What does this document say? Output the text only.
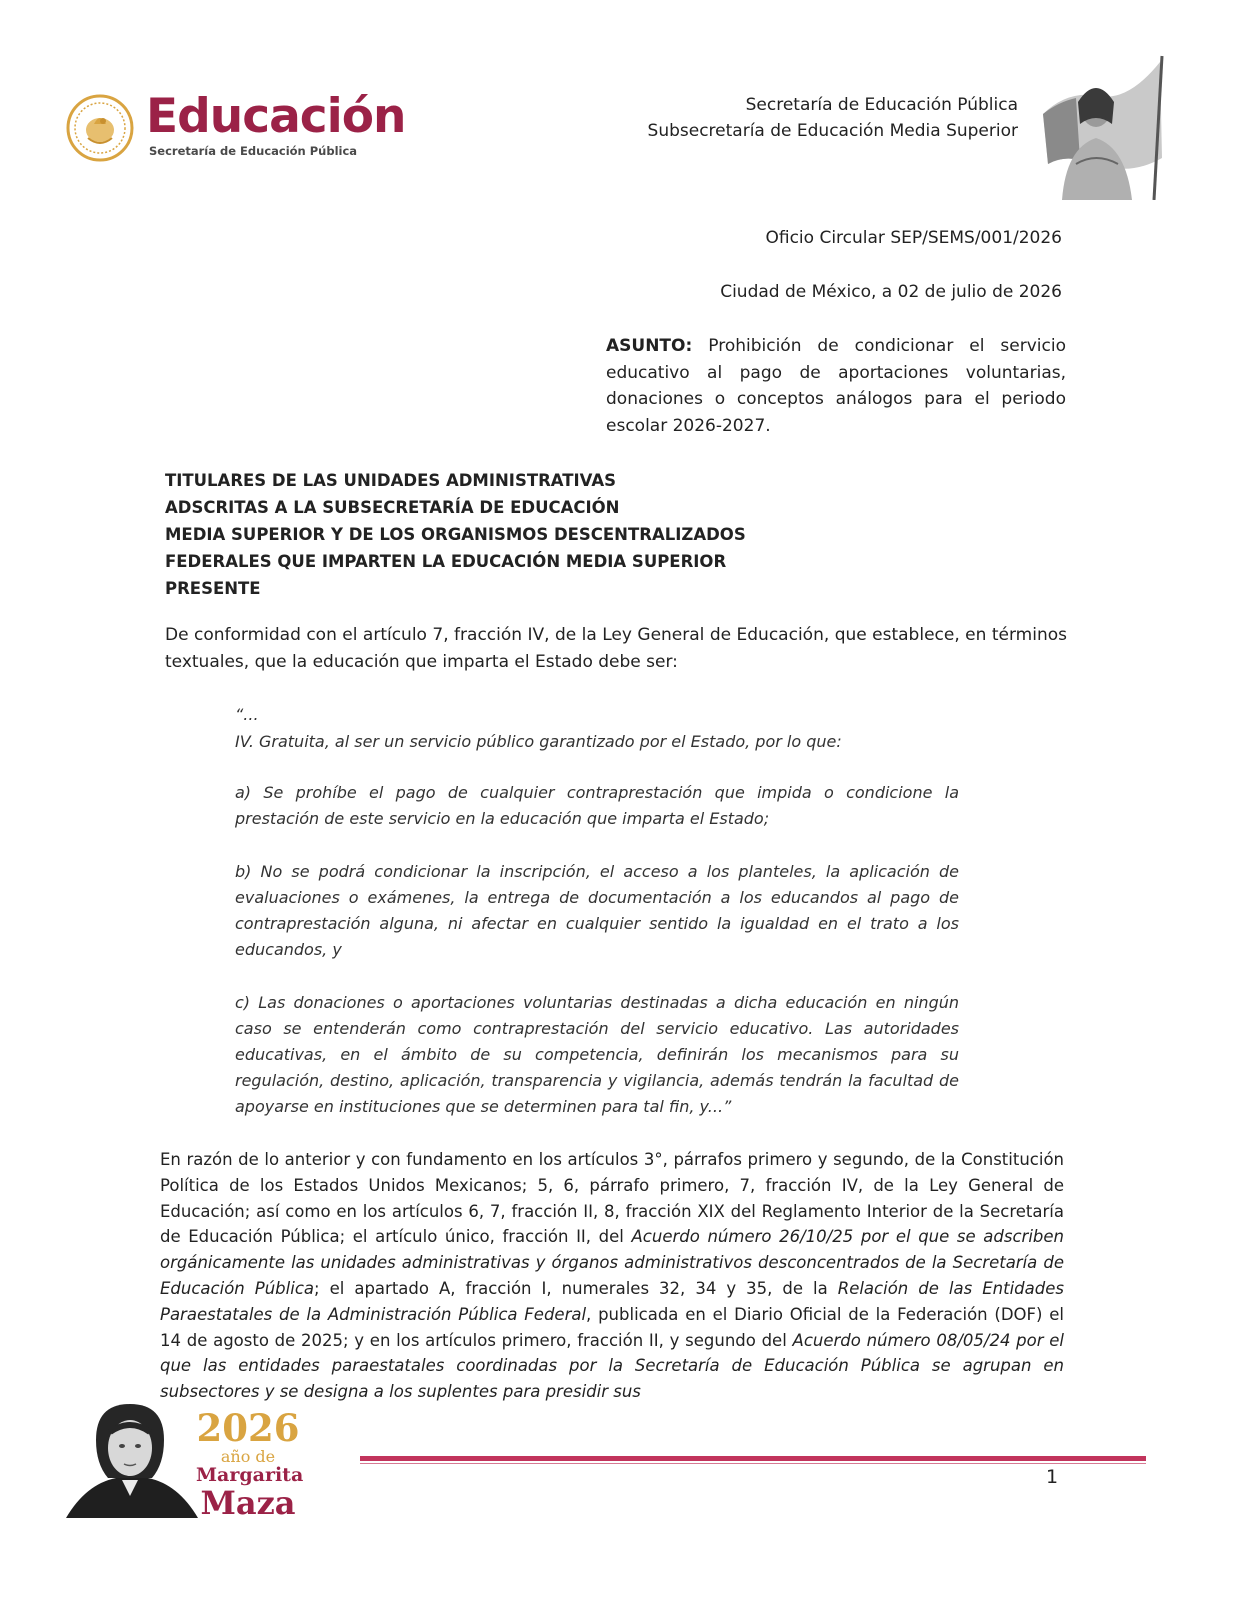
Educación
Secretaría de Educación Pública
Secretaría de Educación Pública
Subsecretaría de Educación Media Superior
Oficio Circular SEP/SEMS/001/2026
Ciudad de México, a 02 de julio de 2026
ASUNTO: Prohibición de condicionar el servicio educativo al pago de aportaciones voluntarias, donaciones o conceptos análogos para el periodo escolar 2026-2027.
TITULARES DE LAS UNIDADES ADMINISTRATIVAS
ADSCRITAS A LA SUBSECRETARÍA DE EDUCACIÓN
MEDIA SUPERIOR Y DE LOS ORGANISMOS DESCENTRALIZADOS
FEDERALES QUE IMPARTEN LA EDUCACIÓN MEDIA SUPERIOR
PRESENTE
De conformidad con el artículo 7, fracción IV, de la Ley General de Educación, que establece, en términos textuales, que la educación que imparta el Estado debe ser:
“...
IV. Gratuita, al ser un servicio público garantizado por el Estado, por lo que:
a) Se prohíbe el pago de cualquier contraprestación que impida o condicione la prestación de este servicio en la educación que imparta el Estado;
b) No se podrá condicionar la inscripción, el acceso a los planteles, la aplicación de evaluaciones o exámenes, la entrega de documentación a los educandos al pago de contraprestación alguna, ni afectar en cualquier sentido la igualdad en el trato a los educandos, y
c) Las donaciones o aportaciones voluntarias destinadas a dicha educación en ningún caso se entenderán como contraprestación del servicio educativo. Las autoridades educativas, en el ámbito de su competencia, definirán los mecanismos para su regulación, destino, aplicación, transparencia y vigilancia, además tendrán la facultad de apoyarse en instituciones que se determinen para tal fin, y...”
En razón de lo anterior y con fundamento en los artículos 3°, párrafos primero y segundo, de la Constitución Política de los Estados Unidos Mexicanos; 5, 6, párrafo primero, 7, fracción IV, de la Ley General de Educación; así como en los artículos 6, 7, fracción II, 8, fracción XIX del Reglamento Interior de la Secretaría de Educación Pública; el artículo único, fracción II, del Acuerdo número 26/10/25 por el que se adscriben orgánicamente las unidades administrativas y órganos administrativos desconcentrados de la Secretaría de Educación Pública; el apartado A, fracción I, numerales 32, 34 y 35, de la Relación de las Entidades Paraestatales de la Administración Pública Federal, publicada en el Diario Oficial de la Federación (DOF) el 14 de agosto de 2025; y en los artículos primero, fracción II, y segundo del Acuerdo número 08/05/24 por el que las entidades paraestatales coordinadas por la Secretaría de Educación Pública se agrupan en subsectores y se designa a los suplentes para presidir sus
2026
año de
Margarita
Maza
1
